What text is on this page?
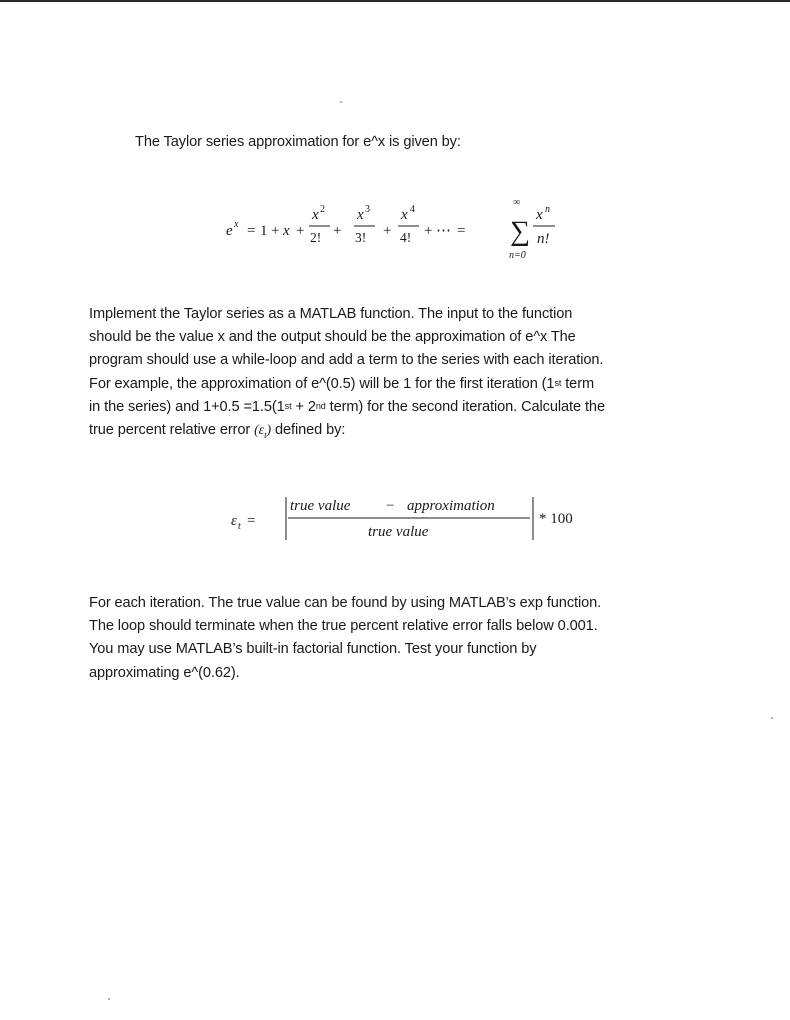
The Taylor series approximation for e^x is given by:
e x = 1 + x +
x 2
2! +
x 3
3! +
x 4
4! + ⋯ =
∞
∑
n=0
x n
n!
Implement the Taylor series as a MATLAB function. The input to the function
should be the value x and the output should be the approximation of e^x The
program should use a while-loop and add a term to the series with each iteration.
For example, the approximation of e^(0.5) will be 1 for the first iteration (1st term
in the series) and 1+0.5 =1.5(1st + 2nd term) for the second iteration. Calculate the
true percent relative error $(\varepsilon_t)$ defined by:
ε t =
true value − approximation
true value
* 100
For each iteration. The true value can be found by using MATLAB’s exp function.
The loop should terminate when the true percent relative error falls below 0.001.
You may use MATLAB’s built-in factorial function. Test your function by
approximating e^(0.62).
